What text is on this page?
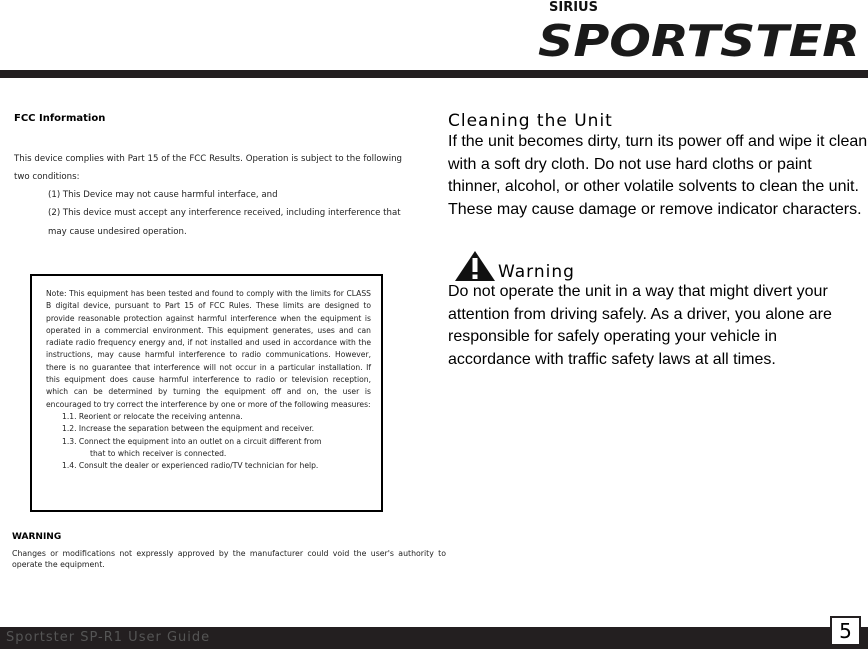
SIRIUS
SPORTSTER
FCC Information
This device complies with Part 15 of the FCC Results. Operation is subject to the following two conditions:
(1) This Device may not cause harmful interface, and
(2) This device must accept any interference received, including interference that
may cause undesired operation.

Note: This equipment has been tested and found to comply with the limits for CLASS B digital device, pursuant to Part 15 of FCC Rules. These limits are designed to provide reasonable protection against harmful interference when the equipment is operated in a commercial environment. This equipment generates, uses and can radiate radio frequency energy and, if not installed and used in accordance with the instructions, may cause harmful interference to radio communications. However, there is no guarantee that interference will not occur in a particular installation. If this equipment does cause harmful interference to radio or television reception, which can be determined by turning the equipment off and on, the user is encouraged to try correct the interference by one or more of the following measures:

1.1. Reorient or relocate the receiving antenna.

1.2. Increase the separation between the equipment and receiver.

1.3. Connect the equipment into an outlet on a circuit different from

that to which receiver is connected.

1.4. Consult the dealer or experienced radio/TV technician for help.

WARNING
Changes or modifications not expressly approved by the manufacturer could void the user's authority to operate the equipment.
Cleaning the Unit
If the unit becomes dirty, turn its power off and wipe it clean with a soft dry cloth. Do not use hard cloths or paint thinner, alcohol, or other volatile solvents to clean the unit. These may cause damage or remove indicator characters.
Warning
Do not operate the unit in a way that might divert your attention from driving safely. As a driver, you alone are responsible for safely operating your vehicle in accordance with traffic safety laws at all times.
Sportster SP-R1 User Guide	5
